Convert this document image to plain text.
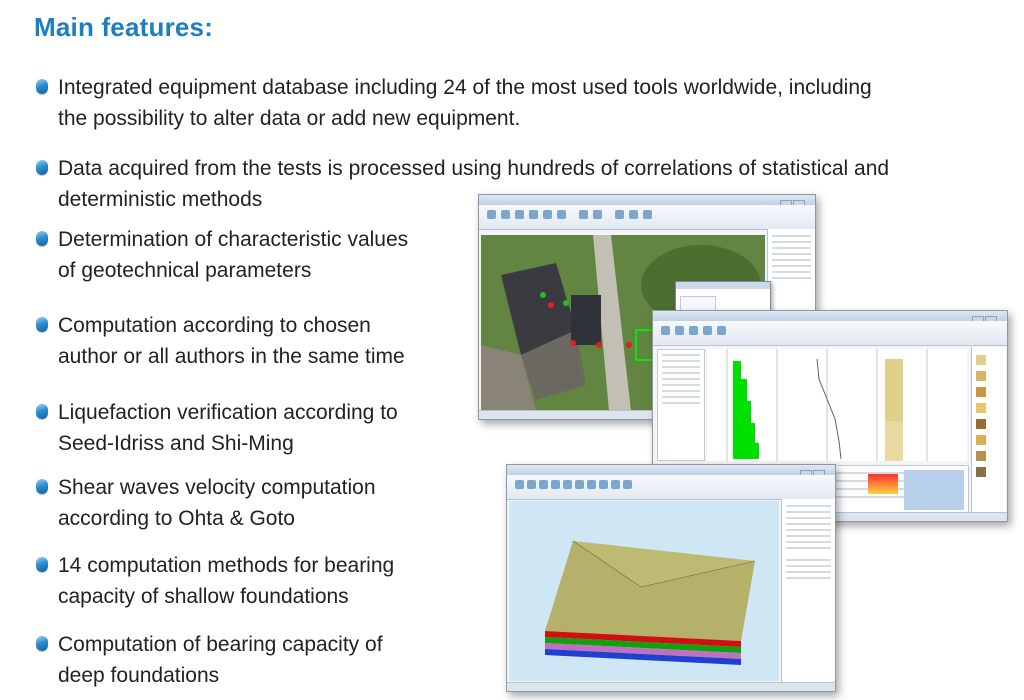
Main features:
Integrated equipment database including 24 of the most used tools worldwide, including
the possibility to alter data or add new equipment.
Data acquired from the tests is processed using hundreds of correlations of statistical and
deterministic methods
Determination of characteristic values
of geotechnical parameters
Computation according to chosen
author or all authors in the same time
Liquefaction verification according to
Seed-Idriss and Shi-Ming
Shear waves velocity computation
according to Ohta & Goto
14 computation methods for bearing
capacity of shallow foundations
Computation of bearing capacity of
deep foundations
